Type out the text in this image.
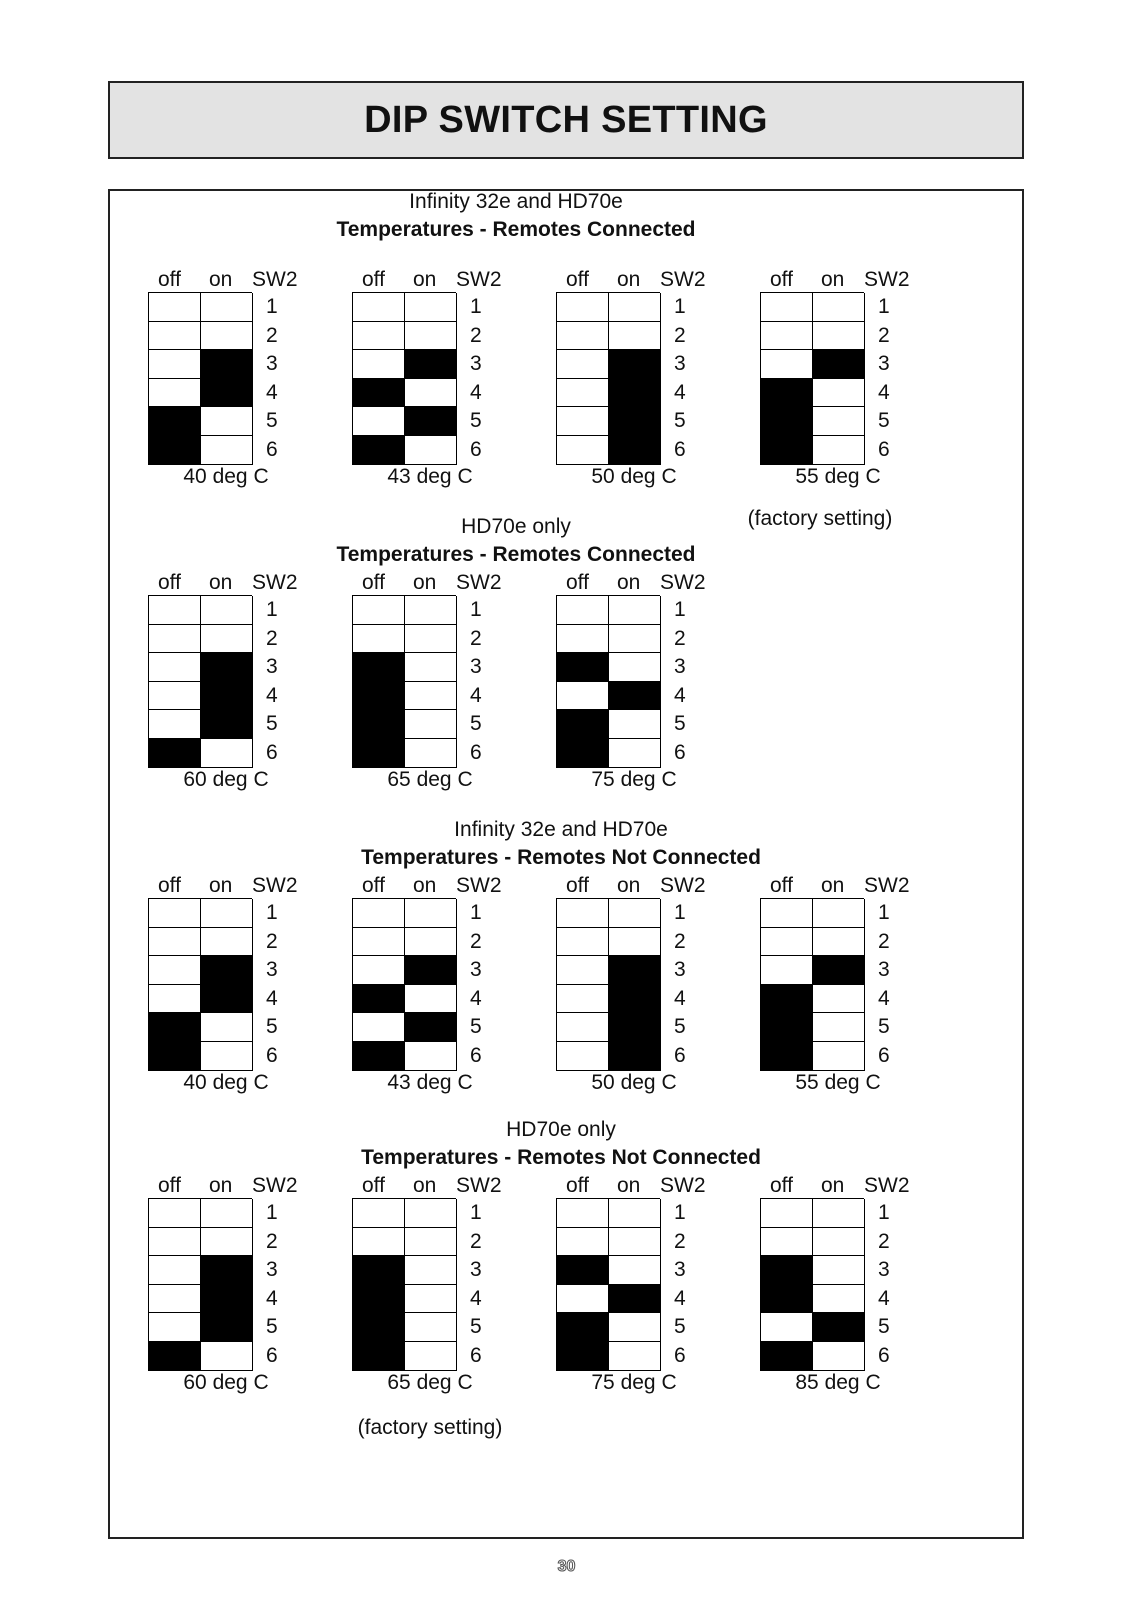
DIP SWITCH SETTING
Infinity 32e and HD70e
Temperatures - Remotes Connected
off on SW2
1
2
3
4
5
6
40 deg C
off on SW2
1
2
3
4
5
6
43 deg C
off on SW2
1
2
3
4
5
6
50 deg C
off on SW2
1
2
3
4
5
6
55 deg C
(factory setting)
HD70e only
Temperatures - Remotes Connected
off on SW2
1
2
3
4
5
6
60 deg C
off on SW2
1
2
3
4
5
6
65 deg C
off on SW2
1
2
3
4
5
6
75 deg C
Infinity 32e and HD70e
Temperatures - Remotes Not Connected
off on SW2
1
2
3
4
5
6
40 deg C
off on SW2
1
2
3
4
5
6
43 deg C
off on SW2
1
2
3
4
5
6
50 deg C
off on SW2
1
2
3
4
5
6
55 deg C
HD70e only
Temperatures - Remotes Not Connected
off on SW2
1
2
3
4
5
6
60 deg C
off on SW2
1
2
3
4
5
6
65 deg C
(factory setting)
off on SW2
1
2
3
4
5
6
75 deg C
off on SW2
1
2
3
4
5
6
85 deg C
30
